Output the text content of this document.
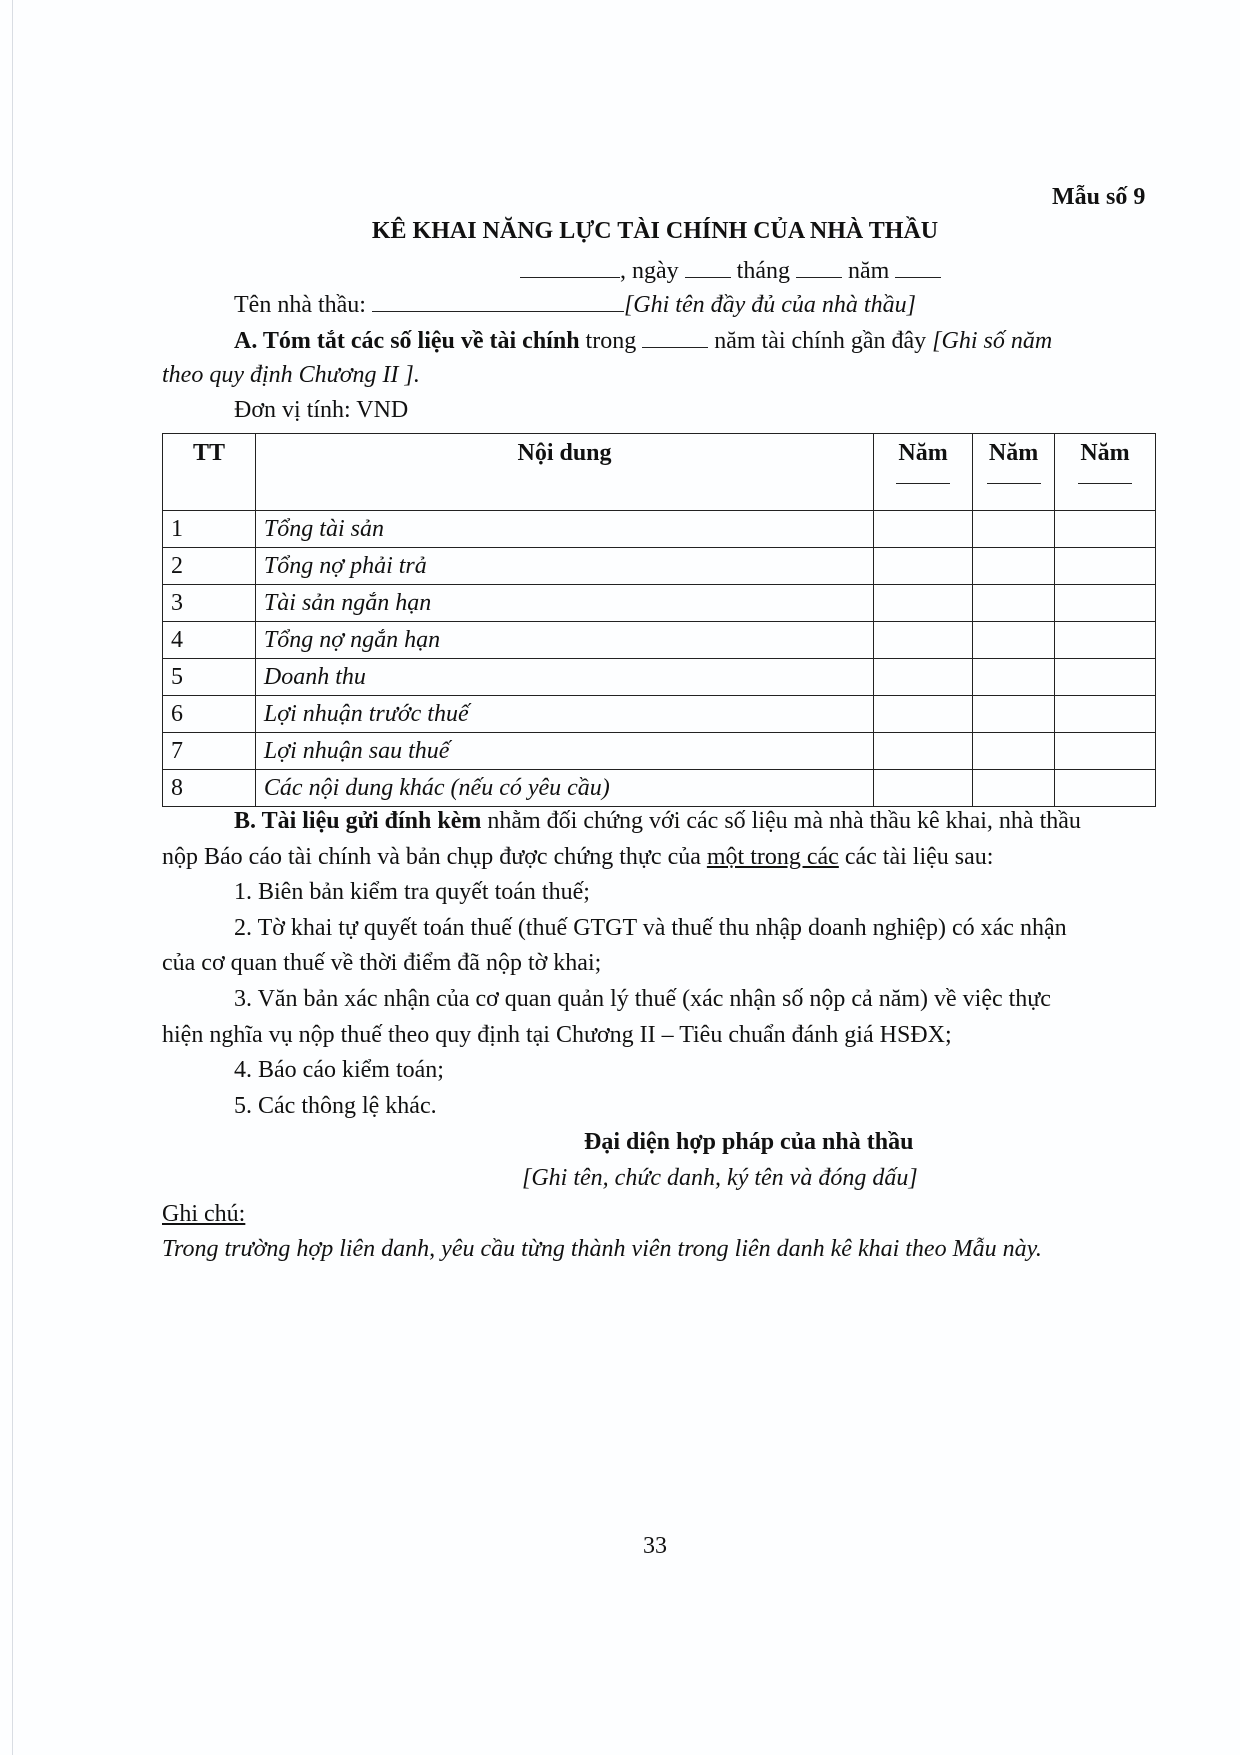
Mẫu số 9
KÊ KHAI NĂNG LỰC TÀI CHÍNH CỦA NHÀ THẦU
, ngày tháng năm
Tên nhà thầu:	[Ghi tên đầy đủ của nhà thầu]
A. Tóm tắt các số liệu về tài chính trong	năm tài chính gần đây [Ghi số năm
theo quy định Chương II ].
Đơn vị tính: VND
TT	Nội dung	Năm	Năm	Năm

1	Tổng tài sản			
2	Tổng nợ phải trả			
3	Tài sản ngắn hạn			
4	Tổng nợ ngắn hạn			
5	Doanh thu			
6	Lợi nhuận trước thuế			
7	Lợi nhuận sau thuế			
8	Các nội dung khác (nếu có yêu cầu)			
B. Tài liệu gửi đính kèm nhằm đối chứng với các số liệu mà nhà thầu kê khai, nhà thầu
nộp Báo cáo tài chính và bản chụp được chứng thực của một trong các các tài liệu sau:
1. Biên bản kiểm tra quyết toán thuế;
2. Tờ khai tự quyết toán thuế (thuế GTGT và thuế thu nhập doanh nghiệp) có xác nhận
của cơ quan thuế về thời điểm đã nộp tờ khai;
3. Văn bản xác nhận của cơ quan quản lý thuế (xác nhận số nộp cả năm) về việc thực
hiện nghĩa vụ nộp thuế theo quy định tại Chương II – Tiêu chuẩn đánh giá HSĐX;
4. Báo cáo kiểm toán;
5. Các thông lệ khác.
Đại diện hợp pháp của nhà thầu
[Ghi tên, chức danh, ký tên và đóng dấu]
Ghi chú:
Trong trường hợp liên danh, yêu cầu từng thành viên trong liên danh kê khai theo Mẫu này.
33
